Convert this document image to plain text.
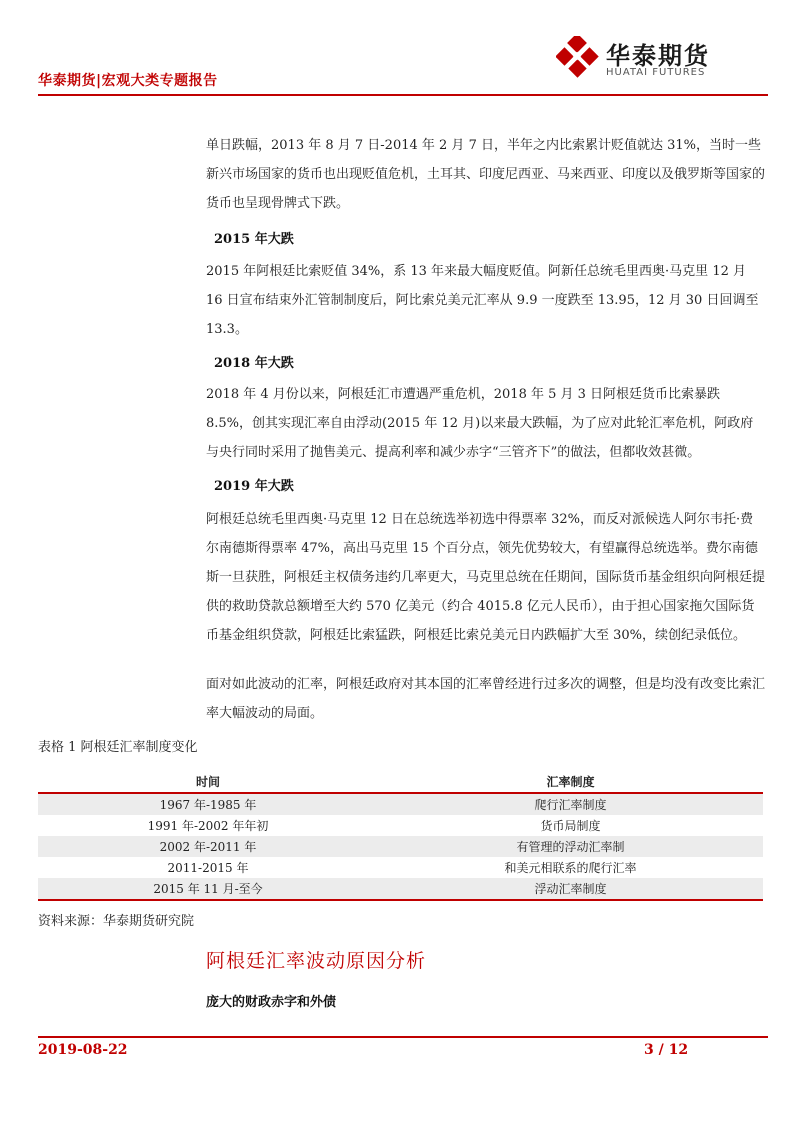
华泰期货|宏观大类专题报告
华泰期货
HUATAI FUTURES
单日跌幅，2013 年 8 月 7 日-2014 年 2 月 7 日，半年之内比索累计贬值就达 31%，当时一些新兴市场国家的货币也出现贬值危机，土耳其、印度尼西亚、马来西亚、印度以及俄罗斯等国家的货币也呈现骨牌式下跌。
2015 年大跌
2015 年阿根廷比索贬值 34%，系 13 年来最大幅度贬值。阿新任总统毛里西奥·马克里 12 月 16 日宣布结束外汇管制制度后，阿比索兑美元汇率从 9.9 一度跌至 13.95，12 月 30 日回调至 13.3。
2018 年大跌
2018 年 4 月份以来，阿根廷汇市遭遇严重危机，2018 年 5 月 3 日阿根廷货币比索暴跌 8.5%，创其实现汇率自由浮动(2015 年 12 月)以来最大跌幅，为了应对此轮汇率危机，阿政府与央行同时采用了抛售美元、提高利率和减少赤字“三管齐下”的做法，但都收效甚微。
2019 年大跌
阿根廷总统毛里西奥·马克里 12 日在总统选举初选中得票率 32%，而反对派候选人阿尔韦托·费尔南德斯得票率 47%，高出马克里 15 个百分点，领先优势较大，有望赢得总统选举。费尔南德斯一旦获胜，阿根廷主权债务违约几率更大，马克里总统在任期间，国际货币基金组织向阿根廷提供的救助贷款总额增至大约 570 亿美元（约合 4015.8 亿元人民币），由于担心国家拖欠国际货币基金组织贷款，阿根廷比索猛跌，阿根廷比索兑美元日内跌幅扩大至 30%，续创纪录低位。
面对如此波动的汇率，阿根廷政府对其本国的汇率曾经进行过多次的调整，但是均没有改变比索汇率大幅波动的局面。
表格 1 阿根廷汇率制度变化
时间	汇率制度
1967 年-1985 年	爬行汇率制度
1991 年-2002 年年初	货币局制度
2002 年-2011 年	有管理的浮动汇率制
2011-2015 年	和美元相联系的爬行汇率
2015 年 11 月-至今	浮动汇率制度
资料来源：华泰期货研究院
阿根廷汇率波动原因分析
庞大的财政赤字和外债
2019-08-22	3 / 12
